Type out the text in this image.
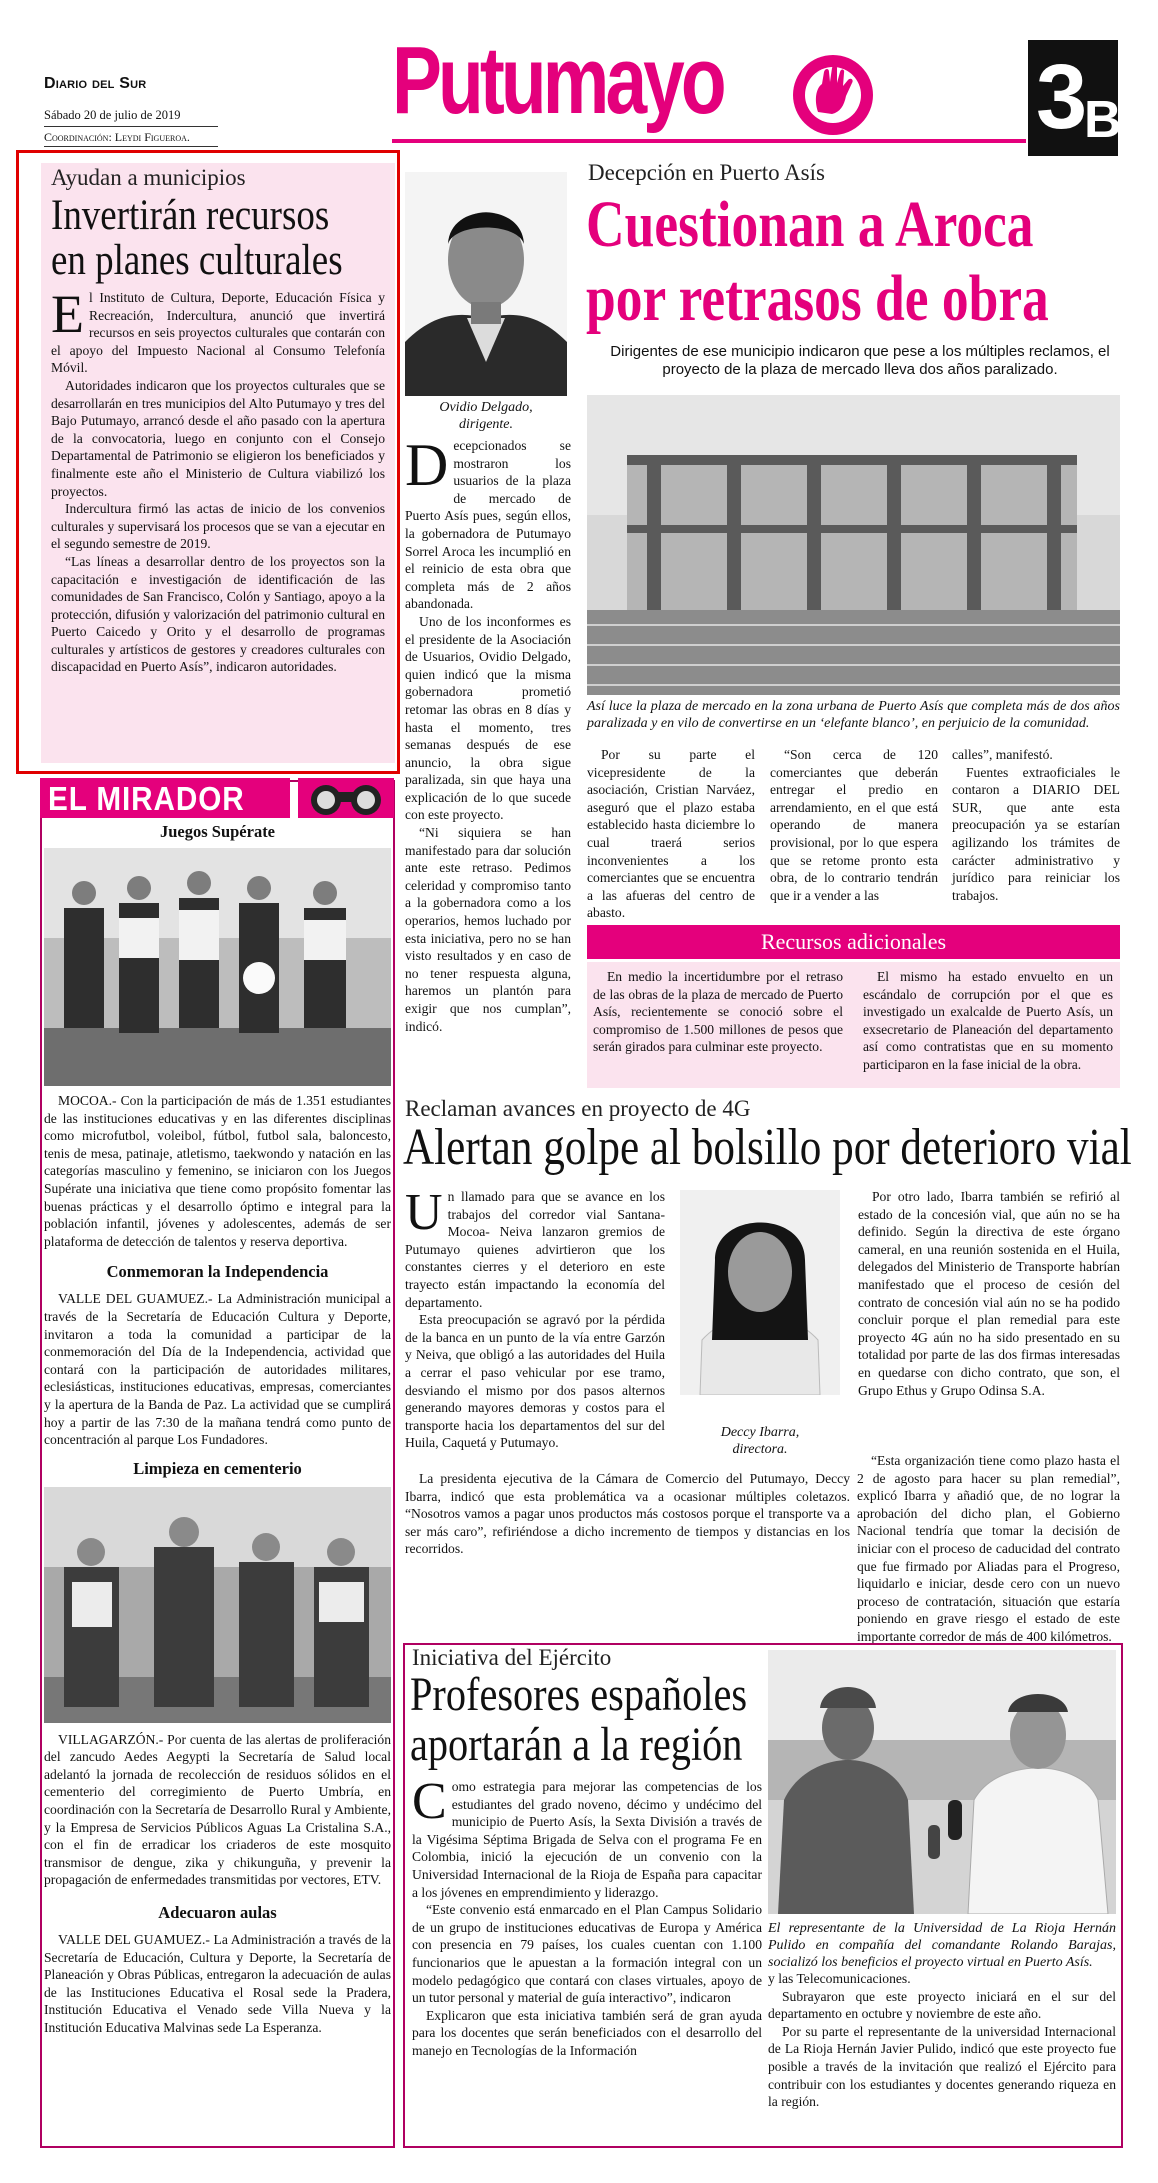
Diario del Sur
Sábado 20 de julio de 2019
Coordinación: Leydi Figueroa.
Putumayo	3
B
Ayudan a municipios
Invertirán recursos
en planes culturales

El Instituto de Cultura, Deporte, Educación Física y Recreación, Indercultura, anunció que invertirá recursos en seis proyectos culturales que contarán con el apoyo del Impuesto Nacional al Consumo Telefonía Móvil.

Autoridades indicaron que los proyectos culturales que se desarrollarán en tres municipios del Alto Putumayo y tres del Bajo Putumayo, arrancó desde el año pasado con la apertura de la convocatoria, luego en conjunto con el Consejo Departamental de Patrimonio se eligieron los beneficiados y finalmente este año el Ministerio de Cultura viabilizó los proyectos.

Indercultura firmó las actas de inicio de los convenios culturales y supervisará los procesos que se van a ejecutar en el segundo semestre de 2019.

“Las líneas a desarrollar dentro de los proyectos son la capacitación e investigación de identificación de las comunidades de San Francisco, Colón y Santiago, apoyo a la protección, difusión y valorización del patrimonio cultural en Puerto Caicedo y Orito y el desarrollo de programas culturales y artísticos de gestores y creadores culturales con discapacidad en Puerto Asís”, indicaron autoridades.

Decepción en Puerto Asís
Cuestionan a Aroca
por retrasos de obra
Dirigentes de ese municipio indicaron que pese a los múltiples reclamos, el proyecto de la plaza de mercado lleva dos años paralizado.
Ovidio Delgado,
dirigente.
Así luce la plaza de mercado en la zona urbana de Puerto Asís que completa más de dos años paralizada y en vilo de convertirse en un ‘elefante blanco’, en perjuicio de la comunidad.

Decepcionados se mostraron los usuarios de la plaza de mercado de Puerto Asís pues, según ellos, la gobernadora de Putumayo Sorrel Aroca les incumplió en el reinicio de esta obra que completa más de 2 años abandonada.

Uno de los inconformes es el presidente de la Asociación de Usuarios, Ovidio Delgado, quien indicó que la misma gobernadora prometió retomar las obras en 8 días y hasta el momento, tres semanas después de ese anuncio, la obra sigue paralizada, sin que haya una explicación de lo que sucede con este proyecto.

“Ni siquiera se han manifestado para dar solución ante este retraso. Pedimos celeridad y compromiso tanto a la gobernadora como a los operarios, hemos luchado por esta iniciativa, pero no se han visto resultados y en caso de no tener respuesta alguna, haremos un plantón para exigir que nos cumplan”, indicó.

Por su parte el vicepresidente de la asociación, Cristian Narváez, aseguró que el plazo estaba establecido hasta diciembre lo cual traerá serios inconvenientes a los comerciantes que se encuentra a las afueras del centro de abasto.

“Son cerca de 120 comerciantes que deberán entregar el predio en arrendamiento, en el que está operando de manera provisional, por lo que espera que se retome pronto esta obra, de lo contrario tendrán que ir a vender a las

calles”, manifestó.

Fuentes extraoficiales le contaron a DIARIO DEL SUR, que ante esta preocupación ya se estarían agilizando los trámites de carácter administrativo y jurídico para reiniciar los trabajos.

Recursos adicionales

En medio la incertidumbre por el retraso de las obras de la plaza de mercado de Puerto Asís, recientemente se conoció sobre el compromiso de 1.500 millones de pesos que serán girados para culminar este proyecto.

El mismo ha estado envuelto en un escándalo de corrupción por el que es investigado un exalcalde de Puerto Asís, un exsecretario de Planeación del departamento así como contratistas que en su momento participaron en la fase inicial de la obra.

EL MIRADOR
Juegos Supérate

MOCOA.- Con la participación de más de 1.351 estudiantes de las instituciones educativas y en las diferentes disciplinas como microfutbol, voleibol, fútbol, futbol sala, baloncesto, tenis de mesa, patinaje, atletismo, taekwondo y natación en las categorías masculino y femenino, se iniciaron con los Juegos Supérate una iniciativa que tiene como propósito fomentar las buenas prácticas y el desarrollo óptimo e integral para la población infantil, jóvenes y adolescentes, además de ser plataforma de detección de talentos y reserva deportiva.

Conmemoran la Independencia

VALLE DEL GUAMUEZ.- La Administración municipal a través de la Secretaría de Educación Cultura y Deporte, invitaron a toda la comunidad a participar de la conmemoración del Día de la Independencia, actividad que contará con la participación de autoridades militares, eclesiásticas, instituciones educativas, empresas, comerciantes y la apertura de la Banda de Paz. La actividad que se cumplirá hoy a partir de las 7:30 de la mañana tendrá como punto de concentración al parque Los Fundadores.

Limpieza en cementerio

VILLAGARZÓN.- Por cuenta de las alertas de proliferación del zancudo Aedes Aegypti la Secretaría de Salud local adelantó la jornada de recolección de residuos sólidos en el cementerio del corregimiento de Puerto Umbría, en coordinación con la Secretaría de Desarrollo Rural y Ambiente, y la Empresa de Servicios Públicos Aguas La Cristalina S.A., con el fin de erradicar los criaderos de este mosquito transmisor de dengue, zika y chikunguña, y prevenir la propagación de enfermedades transmitidas por vectores, ETV.

Adecuaron aulas

VALLE DEL GUAMUEZ.- La Administración a través de la Secretaría de Educación, Cultura y Deporte, la Secretaría de Planeación y Obras Públicas, entregaron la adecuación de aulas de las Instituciones Educativa el Rosal sede la Pradera, Institución Educativa el Venado sede Villa Nueva y la Institución Educativa Malvinas sede La Esperanza.

Reclaman avances en proyecto de 4G
Alertan golpe al bolsillo por deterioro vial

Un llamado para que se avance en los trabajos del corredor vial Santana- Mocoa- Neiva lanzaron gremios de Putumayo quienes advirtieron que los constantes cierres y el deterioro en este trayecto están impactando la economía del departamento.

Esta preocupación se agravó por la pérdida de la banca en un punto de la vía entre Garzón y Neiva, que obligó a las autoridades del Huila a cerrar el paso vehicular por ese tramo, desviando el mismo por dos pasos alternos generando mayores demoras y costos para el transporte hacia los departamentos del sur del Huila, Caquetá y Putumayo.

La presidenta ejecutiva de la Cámara de Comercio del Putumayo, Deccy Ibarra, indicó que esta problemática va a ocasionar múltiples coletazos. “Nosotros vamos a pagar unos productos más costosos porque el transporte va a ser más caro”, refiriéndose a dicho incremento de tiempos y distancias en los recorridos.

Deccy Ibarra,
directora.

Por otro lado, Ibarra también se refirió al estado de la concesión vial, que aún no se ha definido. Según la directiva de este órgano cameral, en una reunión sostenida en el Huila, delegados del Ministerio de Transporte habrían manifestado que el proceso de cesión del contrato de concesión vial aún no se ha podido concluir porque el plan remedial para este proyecto 4G aún no ha sido presentado en su totalidad por parte de las dos firmas interesadas en quedarse con dicho contrato, que son, el Grupo Ethus y Grupo Odinsa S.A.

“Esta organización tiene como plazo hasta el 2 de agosto para hacer su plan remedial”, explicó Ibarra y añadió que, de no lograr la aprobación del dicho plan, el Gobierno Nacional tendría que tomar la decisión de iniciar con el proceso de caducidad del contrato que fue firmado por Aliadas para el Progreso, liquidarlo e iniciar, desde cero con un nuevo proceso de contratación, situación que estaría poniendo en grave riesgo el estado de este importante corredor de más de 400 kilómetros.

Iniciativa del Ejército
Profesores españoles
aportarán a la región

Como estrategia para mejorar las competencias de los estudiantes del grado noveno, décimo y undécimo del municipio de Puerto Asís, la Sexta División a través de la Vigésima Séptima Brigada de Selva con el programa Fe en Colombia, inició la ejecución de un convenio con la Universidad Internacional de la Rioja de España para capacitar a los jóvenes en emprendimiento y liderazgo.

“Este convenio está enmarcado en el Plan Campus Solidario de un grupo de instituciones educativas de Europa y América con presencia en 79 países, los cuales cuentan con 1.100 funcionarios que le apuestan a la formación integral con un modelo pedagógico que contará con clases virtuales, apoyo de un tutor personal y material de guía interactivo”, indicaron

Explicaron que esta iniciativa también será de gran ayuda para los docentes que serán beneficiados con el desarrollo del manejo en Tecnologías de la Información

El representante de la Universidad de La Rioja Hernán Pulido en compañía del comandante Rolando Barajas, socializó los beneficios el proyecto virtual en Puerto Asís.

y las Telecomunicaciones.

Subrayaron que este proyecto iniciará en el sur del departamento en octubre y noviembre de este año.

Por su parte el representante de la universidad Internacional de La Rioja Hernán Javier Pulido, indicó que este proyecto fue posible a través de la invitación que realizó el Ejército para contribuir con los estudiantes y docentes generando riqueza en la región.
